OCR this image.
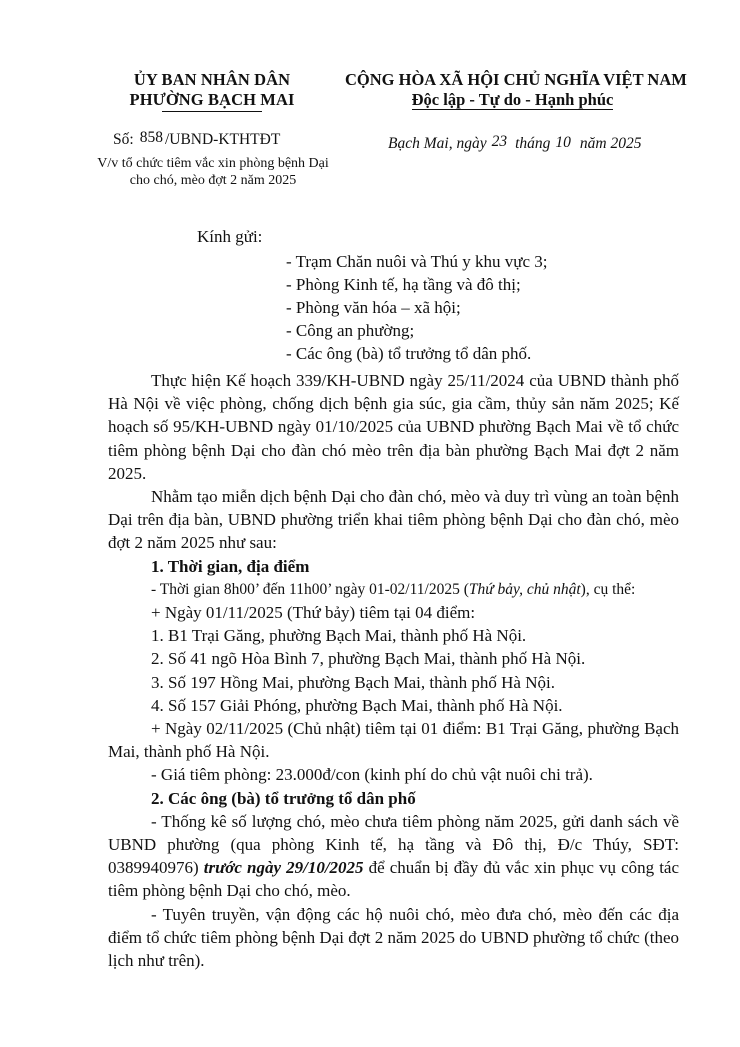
ỦY BAN NHÂN DÂN
PHƯỜNG BẠCH MAI
Số: 858 /UBND-KTHTĐT
V/v tổ chức tiêm vắc xin phòng bệnh Dại
cho chó, mèo đợt 2 năm 2025
CỘNG HÒA XÃ HỘI CHỦ NGHĨA VIỆT NAM
Độc lập - Tự do - Hạnh phúc
Bạch Mai, ngày 23 tháng 10 năm 2025
Kính gửi:
- Trạm Chăn nuôi và Thú y khu vực 3;
- Phòng Kinh tế, hạ tầng và đô thị;
- Phòng văn hóa – xã hội;
- Công an phường;
- Các ông (bà) tổ trưởng tổ dân phố.

Thực hiện Kế hoạch 339/KH-UBND ngày 25/11/2024 của UBND thành phố Hà Nội về việc phòng, chống dịch bệnh gia súc, gia cầm, thủy sản năm 2025; Kế hoạch số 95/KH-UBND ngày 01/10/2025 của UBND phường Bạch Mai về tổ chức tiêm phòng bệnh Dại cho đàn chó mèo trên địa bàn phường Bạch Mai đợt 2 năm 2025.

Nhằm tạo miễn dịch bệnh Dại cho đàn chó, mèo và duy trì vùng an toàn bệnh Dại trên địa bàn, UBND phường triển khai tiêm phòng bệnh Dại cho đàn chó, mèo đợt 2 năm 2025 như sau:

1. Thời gian, địa điểm

- Thời gian 8h00’ đến 11h00’ ngày 01-02/11/2025 (Thứ bảy, chủ nhật), cụ thể:

+ Ngày 01/11/2025 (Thứ bảy) tiêm tại 04 điểm:

1. B1 Trại Găng, phường Bạch Mai, thành phố Hà Nội.

2. Số 41 ngõ Hòa Bình 7, phường Bạch Mai, thành phố Hà Nội.

3. Số 197 Hồng Mai, phường Bạch Mai, thành phố Hà Nội.

4. Số 157 Giải Phóng, phường Bạch Mai, thành phố Hà Nội.

+ Ngày 02/11/2025 (Chủ nhật) tiêm tại 01 điểm: B1 Trại Găng, phường Bạch Mai, thành phố Hà Nội.

- Giá tiêm phòng: 23.000đ/con (kinh phí do chủ vật nuôi chi trả).

2. Các ông (bà) tổ trưởng tổ dân phố

- Thống kê số lượng chó, mèo chưa tiêm phòng năm 2025, gửi danh sách về UBND phường (qua phòng Kinh tế, hạ tầng và Đô thị, Đ/c Thúy, SĐT: 0389940976) trước ngày 29/10/2025 để chuẩn bị đầy đủ vắc xin phục vụ công tác tiêm phòng bệnh Dại cho chó, mèo.

- Tuyên truyền, vận động các hộ nuôi chó, mèo đưa chó, mèo đến các địa điểm tổ chức tiêm phòng bệnh Dại đợt 2 năm 2025 do UBND phường tổ chức (theo lịch như trên).
